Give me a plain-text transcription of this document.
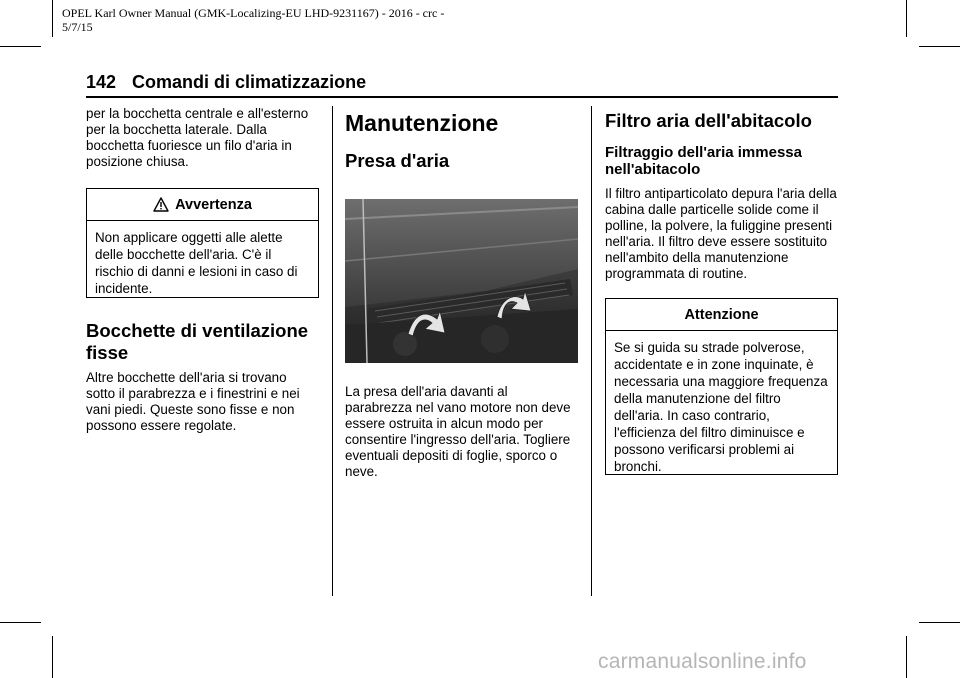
OPEL Karl Owner Manual (GMK-Localizing-EU LHD-9231167) - 2016 - crc -
5/7/15
142 Comandi di climatizzazione

per la bocchetta centrale e all'esterno per la bocchetta laterale. Dalla bocchetta fuoriesce un filo d'aria in posizione chiusa.

Avvertenza
Non applicare oggetti alle alette delle bocchette dell'aria. C'è il rischio di danni e lesioni in caso di incidente.
Bocchette di ventilazione fisse

Altre bocchette dell'aria si trovano sotto il parabrezza e i finestrini e nei vani piedi. Queste sono fisse e non possono essere regolate.

Manutenzione
Presa d'aria

La presa dell'aria davanti al parabrezza nel vano motore non deve essere ostruita in alcun modo per consentire l'ingresso dell'aria. Togliere eventuali depositi di foglie, sporco o neve.

Filtro aria dell'abitacolo
Filtraggio dell'aria immessa nell'abitacolo

Il filtro antiparticolato depura l'aria della cabina dalle particelle solide come il polline, la polvere, la fuliggine presenti nell'aria. Il filtro deve essere sostituito nell'ambito della manutenzione programmata di routine.

Attenzione
Se si guida su strade polverose, accidentate e in zone inquinate, è necessaria una maggiore frequenza della manutenzione del filtro dell'aria. In caso contrario, l'efficienza del filtro diminuisce e possono verificarsi problemi ai bronchi.
carmanualsonline.info
